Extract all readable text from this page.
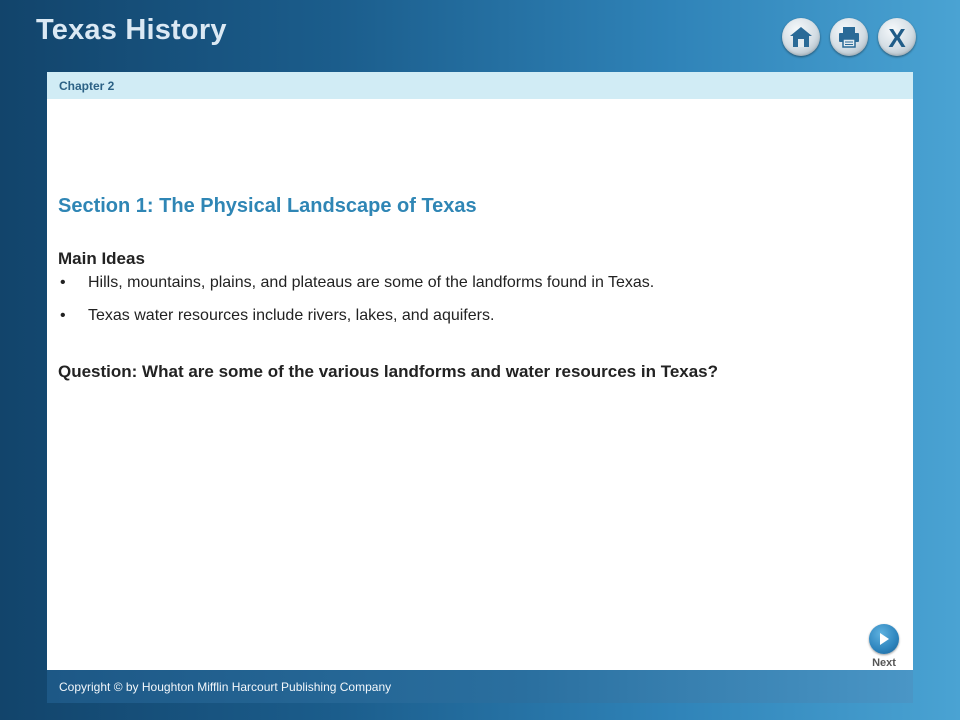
Texas History	X
Chapter 2
Section 1: The Physical Landscape of Texas
Main Ideas
• Hills, mountains, plains, and plateaus are some of the landforms found in Texas.
• Texas water resources include rivers, lakes, and aquifers.
Question: What are some of the various landforms and water resources in Texas?
Next
Copyright © by Houghton Mifflin Harcourt Publishing Company
